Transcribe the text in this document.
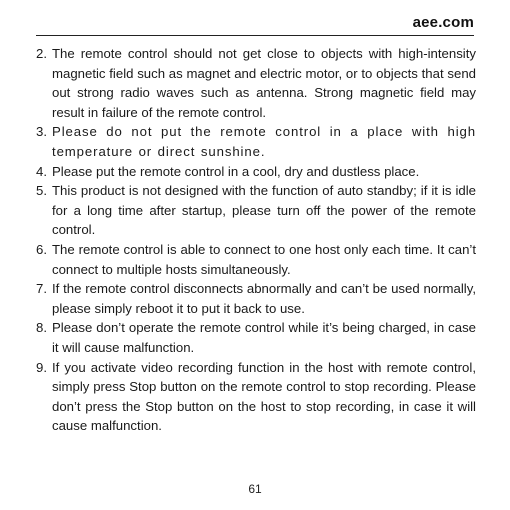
aee.com
2. The remote control should not get close to objects with high-intensity magnetic field such as magnet and electric motor, or to objects that send out strong radio waves such as antenna. Strong magnetic field may result in failure of the remote control.
3. Please do not put the remote control in a place with high temperature or direct sunshine.
4. Please put the remote control in a cool, dry and dustless place.
5. This product is not designed with the function of auto standby; if it is idle for a long time after startup, please turn off the power of the remote control.
6. The remote control is able to connect to one host only each time. It can’t connect to multiple hosts simultaneously.
7. If the remote control disconnects abnormally and can’t be used normally, please simply reboot it to put it back to use.
8. Please don’t operate the remote control while it’s being charged, in case it will cause malfunction.
9. If you activate video recording function in the host with remote control, simply press Stop button on the remote control to stop recording. Please don’t press the Stop button on the host to stop recording, in case it will cause malfunction.
61
